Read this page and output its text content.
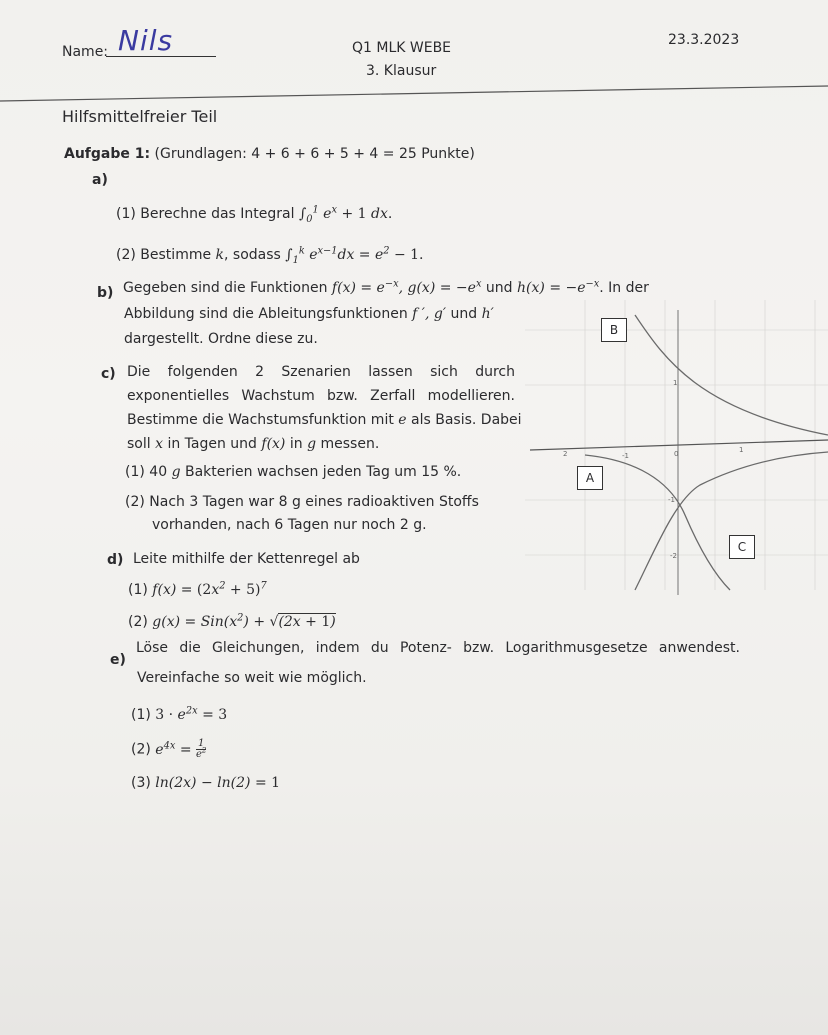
Name: Nils	Q1 MLK WEBE
3. Klausur
23.3.2023
Hilfsmittelfreier Teil
Aufgabe 1: (Grundlagen: 4 + 6 + 6 + 5 + 4 = 25 Punkte)
a)
(1) Berechne das Integral $\int_0^1$ $e^x + 1$ dx.
(2) Bestimme k, sodass $\int_1^k$ $e^{x-1}dx = e^2 - 1$.
b) Gegeben sind die Funktionen $f(x) = e^{-x}$, $g(x) = -e^x$ und $h(x) = -e^{-x}$. In der
Abbildung sind die Ableitungsfunktionen f ′, g′ und h′
dargestellt. Ordne diese zu.
c) Die folgenden 2 Szenarien lassen sich durch
exponentielles Wachstum bzw. Zerfall modellieren.
Bestimme die Wachstumsfunktion mit e als Basis. Dabei
soll x in Tagen und f(x) in g messen.
(1) 40 g Bakterien wachsen jeden Tag um 15 %.
(2) Nach 3 Tagen war 8 g eines radioaktiven Stoffs
vorhanden, nach 6 Tagen nur noch 2 g.
d) Leite mithilfe der Kettenregel ab
(1) $f(x) = (2x^2 + 5)^7$
(2) $g(x) = Sin(x^2) + √(2x + 1)$
e)
Löse die Gleichungen, indem du Potenz- bzw. Logarithmusgesetze anwendest.
Vereinfache so weit wie möglich.
(1) $3 \cdot e^{2x} = 3$
(2) $e^{4x} = \frac{1}{e^2}$
(3) ln(2x) − ln(2) = 1
2
1
-1	0	1
-1
-2
B
A
C
